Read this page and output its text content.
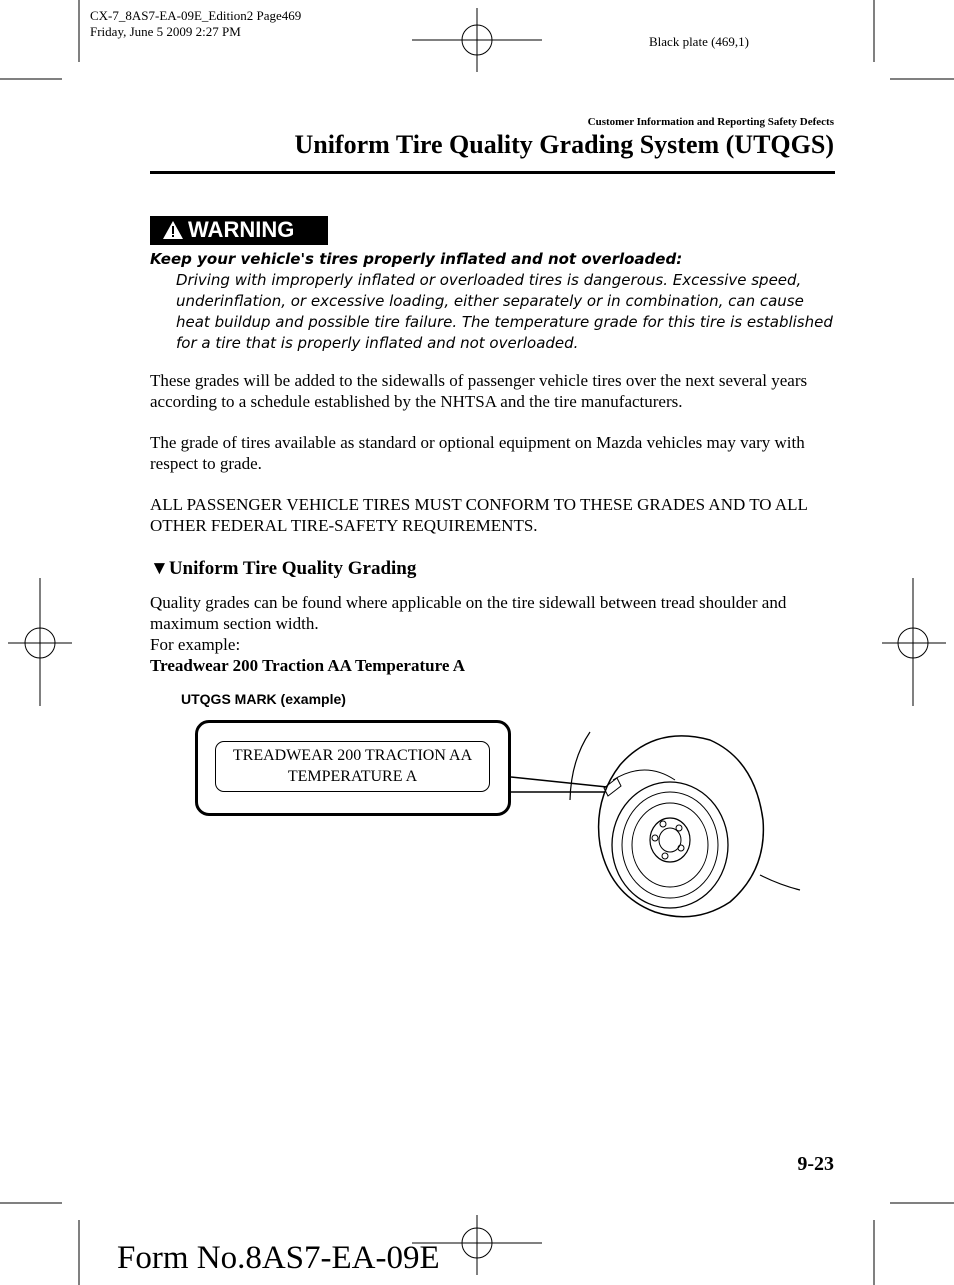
CX-7_8AS7-EA-09E_Edition2 Page469
Friday, June 5 2009 2:27 PM
Black plate (469,1)
Customer Information and Reporting Safety Defects
Uniform Tire Quality Grading System (UTQGS)
WARNING
Keep your vehicle's tires properly inflated and not overloaded:
Driving with improperly inflated or overloaded tires is dangerous. Excessive speed, underinflation, or excessive loading, either separately or in combination, can cause heat buildup and possible tire failure. The temperature grade for this tire is established for a tire that is properly inflated and not overloaded.
These grades will be added to the sidewalls of passenger vehicle tires over the next several years according to a schedule established by the NHTSA and the tire manufacturers.
The grade of tires available as standard or optional equipment on Mazda vehicles may vary with respect to grade.
ALL PASSENGER VEHICLE TIRES MUST CONFORM TO THESE GRADES AND TO ALL OTHER FEDERAL TIRE-SAFETY REQUIREMENTS.
▼Uniform Tire Quality Grading
Quality grades can be found where applicable on the tire sidewall between tread shoulder and maximum section width.
For example:
Treadwear 200 Traction AA Temperature A
UTQGS MARK (example)
TREADWEAR 200 TRACTION AA
TEMPERATURE A
9-23
Form No.8AS7-EA-09E
